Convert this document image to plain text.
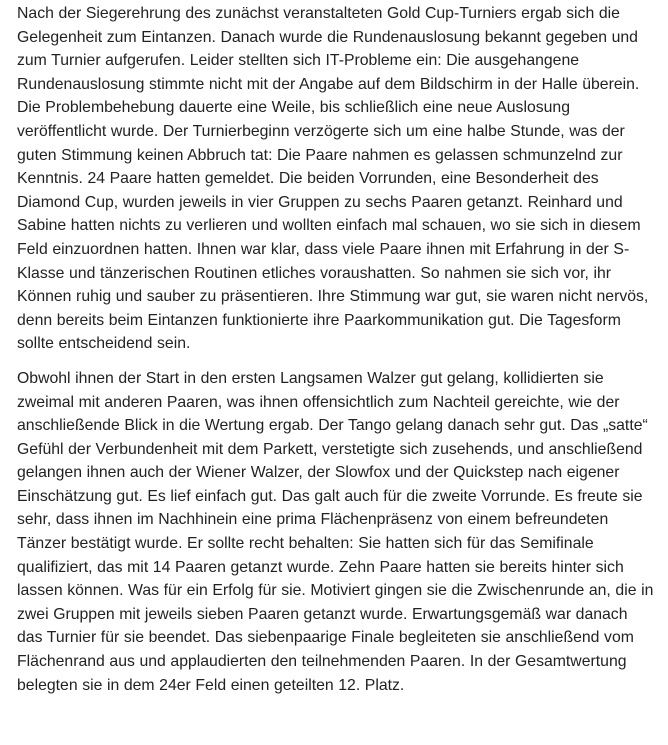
Nach der Siegerehrung des zunächst veranstalteten Gold Cup-Turniers ergab sich die Gelegenheit zum Eintanzen. Danach wurde die Rundenauslosung bekannt gegeben und zum Turnier aufgerufen. Leider stellten sich IT-Probleme ein: Die ausgehangene Rundenauslosung stimmte nicht mit der Angabe auf dem Bildschirm in der Halle überein. Die Problembehebung dauerte eine Weile, bis schließlich eine neue Auslosung veröffentlicht wurde. Der Turnierbeginn verzögerte sich um eine halbe Stunde, was der guten Stimmung keinen Abbruch tat: Die Paare nahmen es gelassen schmunzelnd zur Kenntnis. 24 Paare hatten gemeldet. Die beiden Vorrunden, eine Besonderheit des Diamond Cup, wurden jeweils in vier Gruppen zu sechs Paaren getanzt. Reinhard und Sabine hatten nichts zu verlieren und wollten einfach mal schauen, wo sie sich in diesem Feld einzuordnen hatten. Ihnen war klar, dass viele Paare ihnen mit Erfahrung in der S-Klasse und tänzerischen Routinen etliches voraushatten. So nahmen sie sich vor, ihr Können ruhig und sauber zu präsentieren. Ihre Stimmung war gut, sie waren nicht nervös, denn bereits beim Eintanzen funktionierte ihre Paarkommunikation gut. Die Tagesform sollte entscheidend sein.

Obwohl ihnen der Start in den ersten Langsamen Walzer gut gelang, kollidierten sie zweimal mit anderen Paaren, was ihnen offensichtlich zum Nachteil gereichte, wie der anschließende Blick in die Wertung ergab. Der Tango gelang danach sehr gut. Das „satte“ Gefühl der Verbundenheit mit dem Parkett, verstetigte sich zusehends, und anschließend gelangen ihnen auch der Wiener Walzer, der Slowfox und der Quickstep nach eigener Einschätzung gut. Es lief einfach gut. Das galt auch für die zweite Vorrunde. Es freute sie sehr, dass ihnen im Nachhinein eine prima Flächenpräsenz von einem befreundeten Tänzer bestätigt wurde. Er sollte recht behalten: Sie hatten sich für das Semifinale qualifiziert, das mit 14 Paaren getanzt wurde. Zehn Paare hatten sie bereits hinter sich lassen können. Was für ein Erfolg für sie. Motiviert gingen sie die Zwischenrunde an, die in zwei Gruppen mit jeweils sieben Paaren getanzt wurde. Erwartungsgemäß war danach das Turnier für sie beendet. Das siebenpaarige Finale begleiteten sie anschließend vom Flächenrand aus und applaudierten den teilnehmenden Paaren. In der Gesamtwertung belegten sie in dem 24er Feld einen geteilten 12. Platz.
